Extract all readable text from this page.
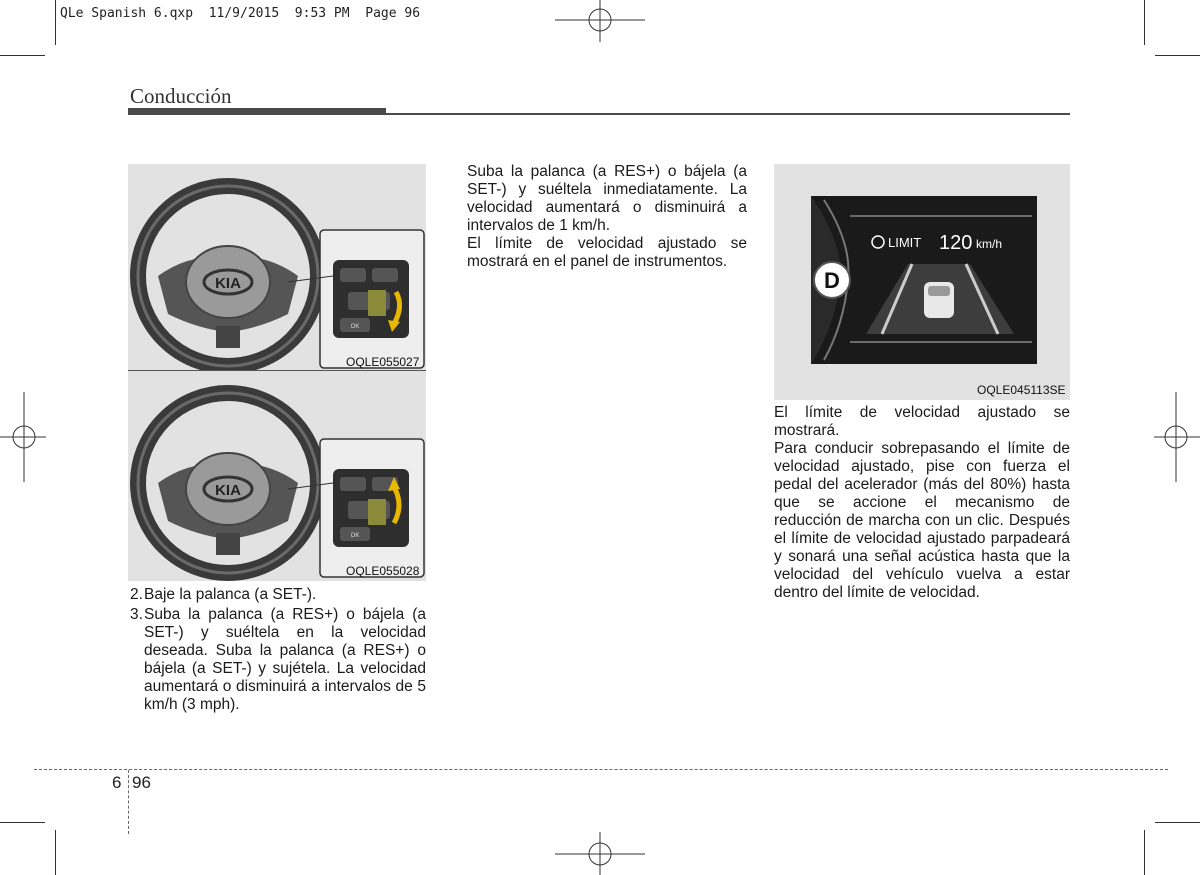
QLe Spanish 6.qxp  11/9/2015  9:53 PM  Page 96
Conducción
KIA
OK
OQLE055027
KIA
OK
OQLE055028
D
LIMIT 120 km/h
OQLE045113SE
2. Baje la palanca (a SET-).
3. Suba la palanca (a RES+) o bájela (a SET-) y suéltela en la velocidad deseada. Suba la palanca (a RES+) o bájela (a SET-) y sujétela. La velocidad aumentará o disminuirá a intervalos de 5 km/h (3 mph).

Suba la palanca (a RES+) o bájela (a SET-) y suéltela inmediatamente. La velocidad aumentará o disminuirá a intervalos de 1 km/h.

El límite de velocidad ajustado se mostrará en el panel de instrumentos.

El límite de velocidad ajustado se mostrará.

Para conducir sobrepasando el límite de velocidad ajustado, pise con fuerza el pedal del acelerador (más del 80%) hasta que se accione el mecanismo de reducción de marcha con un clic. Después el límite de velocidad ajustado parpadeará y sonará una señal acústica hasta que la velocidad del vehículo vuelva a estar dentro del límite de velocidad.

6 96
